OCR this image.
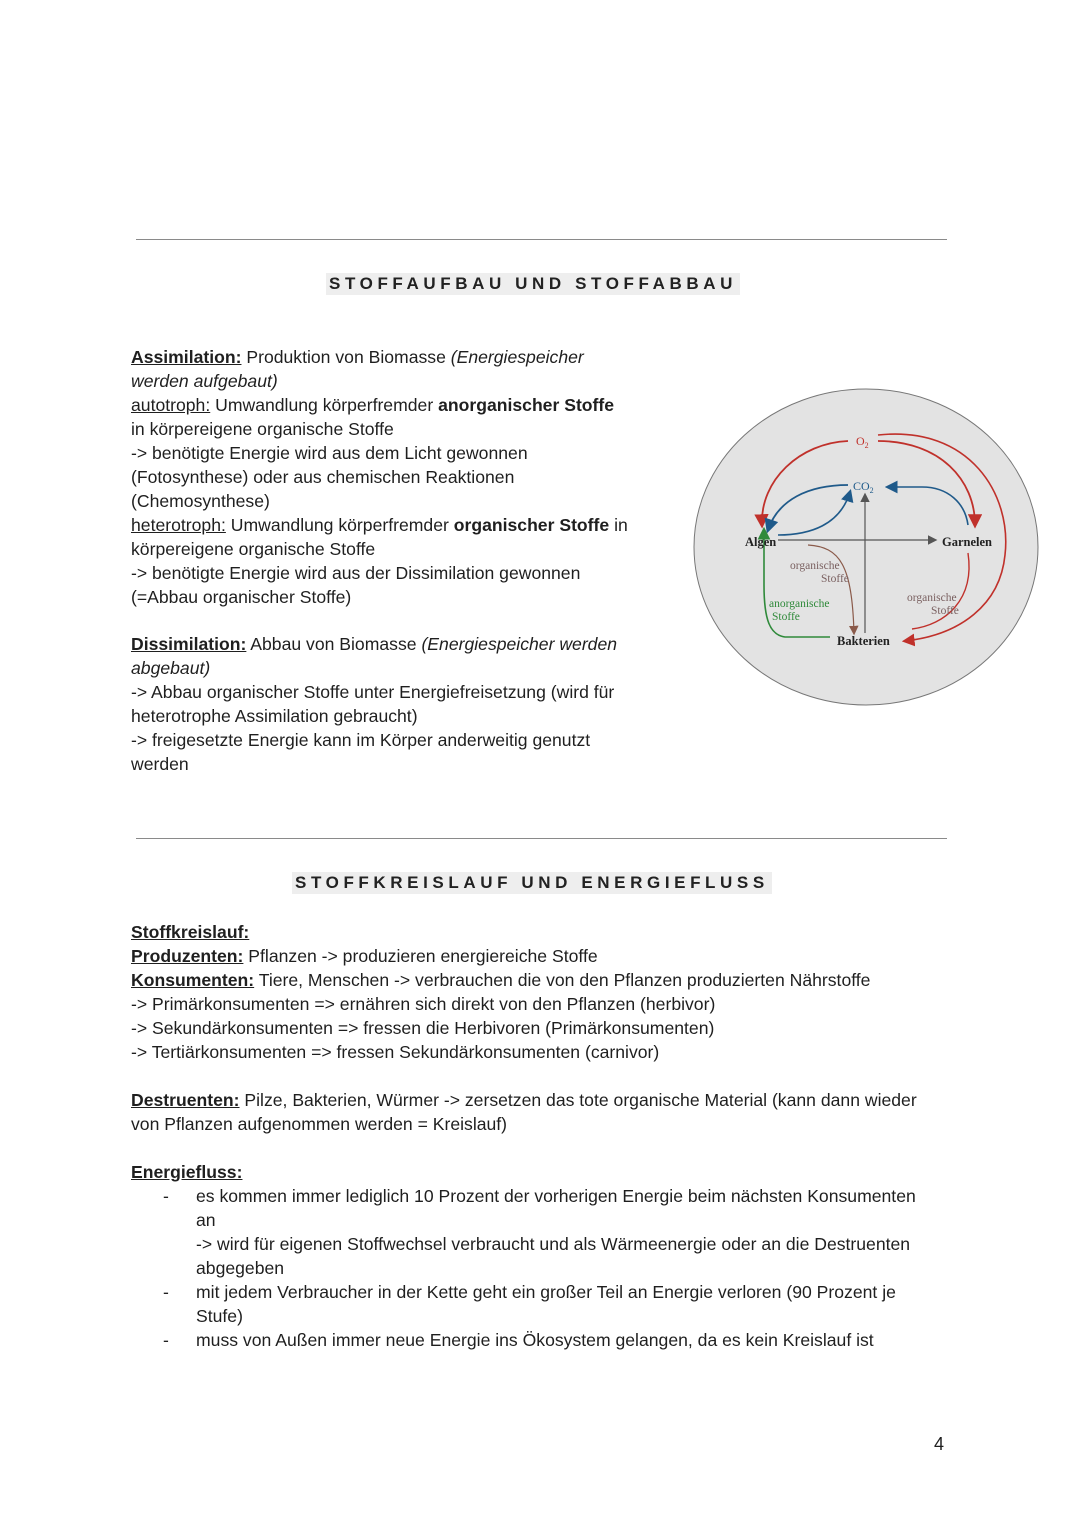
STOFFAUFBAU UND STOFFABBAU

Assimilation: Produktion von Biomasse (Energiespeicher

werden aufgebaut)

autotroph: Umwandlung körperfremder anorganischer Stoffe

in körpereigene organische Stoffe

-> benötigte Energie wird aus dem Licht gewonnen

(Fotosynthese) oder aus chemischen Reaktionen

(Chemosynthese)

heterotroph: Umwandlung körperfremder organischer Stoffe in

körpereigene organische Stoffe

-> benötigte Energie wird aus der Dissimilation gewonnen

(=Abbau organischer Stoffe)

Dissimilation: Abbau von Biomasse (Energiespeicher werden

abgebaut)

-> Abbau organischer Stoffe unter Energiefreisetzung (wird für

heterotrophe Assimilation gebraucht)

-> freigesetzte Energie kann im Körper anderweitig genutzt

werden

$O_2$
$CO_2$
Algen	Garnelen
Bakterien
organische
Stoffe
anorganische
Stoffe
organische
Stoffe
STOFFKREISLAUF UND ENERGIEFLUSS

Stoffkreislauf:

Produzenten: Pflanzen -> produzieren energiereiche Stoffe

Konsumenten: Tiere, Menschen -> verbrauchen die von den Pflanzen produzierten Nährstoffe

-> Primärkonsumenten => ernähren sich direkt von den Pflanzen (herbivor)

-> Sekundärkonsumenten => fressen die Herbivoren (Primärkonsumenten)

-> Tertiärkonsumenten => fressen Sekundärkonsumenten (carnivor)

Destruenten: Pilze, Bakterien, Würmer -> zersetzen das tote organische Material (kann dann wieder

von Pflanzen aufgenommen werden = Kreislauf)

Energiefluss:

- es kommen immer lediglich 10 Prozent der vorherigen Energie beim nächsten Konsumenten
an
-> wird für eigenen Stoffwechsel verbraucht und als Wärmeenergie oder an die Destruenten
abgegeben
- mit jedem Verbraucher in der Kette geht ein großer Teil an Energie verloren (90 Prozent je
Stufe)
- muss von Außen immer neue Energie ins Ökosystem gelangen, da es kein Kreislauf ist
4
